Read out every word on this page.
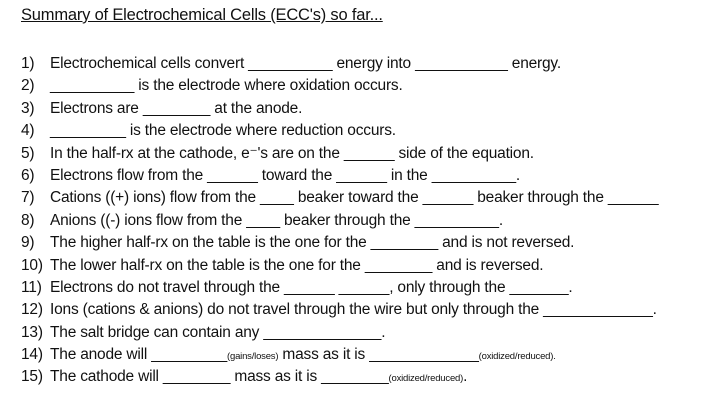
Summary of Electrochemical Cells (ECC's) so far...
1) Electrochemical cells convert __________ energy into ___________ energy.
2) __________ is the electrode where oxidation occurs.
3) Electrons are ________ at the anode.
4) _________ is the electrode where reduction occurs.
5) In the half-rx at the cathode, e⁻'s are on the ______ side of the equation.
6) Electrons flow from the ______ toward the ______ in the __________.
7) Cations ((+) ions) flow from the ____ beaker toward the ______ beaker through the ______
8) Anions ((-) ions flow from the ____ beaker through the __________.
9) The higher half-rx on the table is the one for the ________ and is not reversed.
10) The lower half-rx on the table is the one for the ________ and is reversed.
11) Electrons do not travel through the ______ ______, only through the _______.
12) Ions (cations & anions) do not travel through the wire but only through the _____________.
13) The salt bridge can contain any ______________.
14) The anode will _________(gains/loses) mass as it is _____________(oxidized/reduced).
15) The cathode will ________ mass as it is ________(oxidized/reduced).
